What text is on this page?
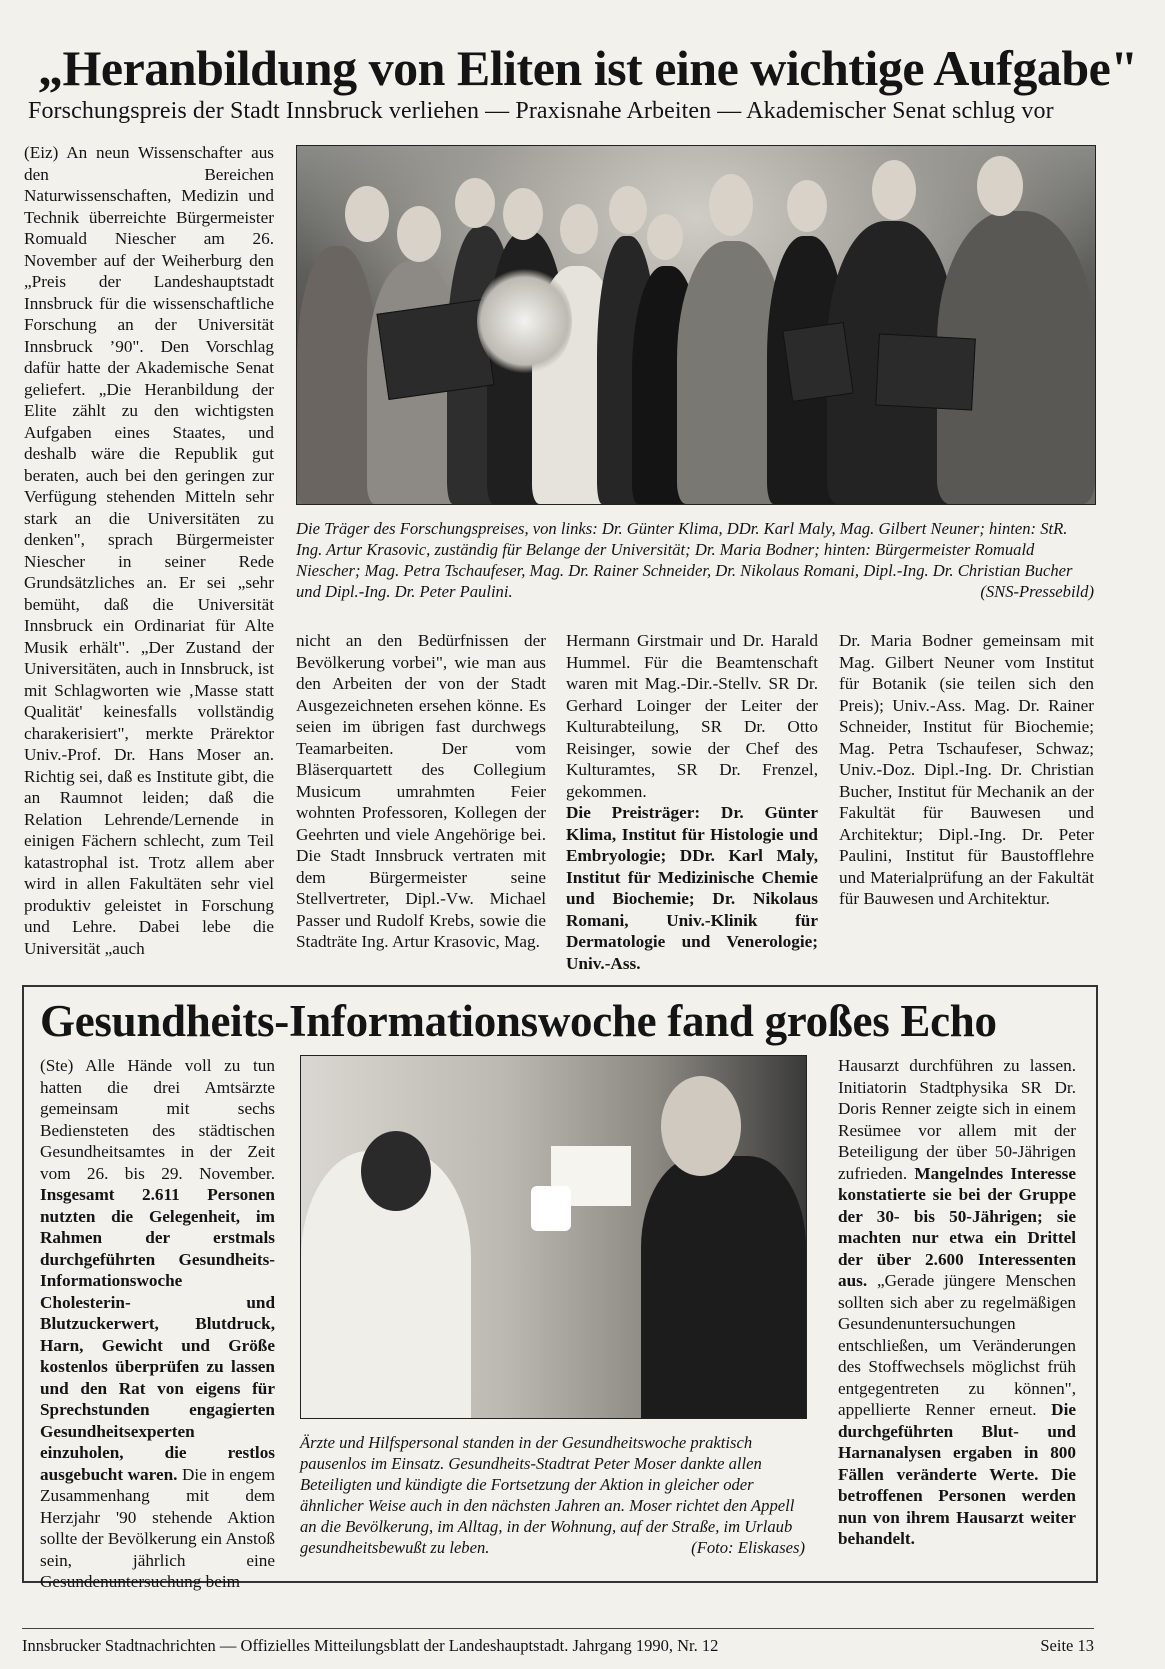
„Heranbildung von Eliten ist eine wichtige Aufgabe"
Forschungspreis der Stadt Innsbruck verliehen — Praxisnahe Arbeiten — Akademischer Senat schlug vor

(Eiz) An neun Wissenschafter aus den Bereichen Naturwissenschaften, Medizin und Technik überreichte Bürgermeister Romuald Niescher am 26. November auf der Weiherburg den „Preis der Landeshauptstadt Innsbruck für die wissenschaftliche Forschung an der Universität Innsbruck ’90". Den Vorschlag dafür hatte der Akademische Senat geliefert. „Die Heranbildung der Elite zählt zu den wichtigsten Aufgaben eines Staates, und deshalb wäre die Republik gut beraten, auch bei den geringen zur Verfügung stehenden Mitteln sehr stark an die Universitäten zu denken", sprach Bürgermeister Niescher in seiner Rede Grundsätzliches an. Er sei „sehr bemüht, daß die Universität Innsbruck ein Ordinariat für Alte Musik erhält". „Der Zustand der Universitäten, auch in Innsbruck, ist mit Schlagworten wie ‚Masse statt Qualität' keinesfalls vollständig charakerisiert", merkte Prärektor Univ.-Prof. Dr. Hans Moser an. Richtig sei, daß es Institute gibt, die an Raumnot leiden; daß die Relation Lehrende/Lernende in einigen Fächern schlecht, zum Teil katastrophal ist. Trotz allem aber wird in allen Fakultäten sehr viel produktiv geleistet in Forschung und Lehre. Dabei lebe die Universität „auch

Die Träger des Forschungspreises, von links: Dr. Günter Klima, DDr. Karl Maly, Mag. Gilbert Neuner; hinten: StR. Ing. Artur Krasovic, zuständig für Belange der Universität; Dr. Maria Bodner; hinten: Bürgermeister Romuald Niescher; Mag. Petra Tschaufeser, Mag. Dr. Rainer Schneider, Dr. Nikolaus Romani, Dipl.-Ing. Dr. Christian Bucher und Dipl.-Ing. Dr. Peter Paulini.	(SNS-Pressebild)

nicht an den Bedürfnissen der Bevölkerung vorbei", wie man aus den Arbeiten der von der Stadt Ausgezeichneten ersehen könne. Es seien im übrigen fast durchwegs Teamarbeiten. Der vom Bläserquartett des Collegium Musicum umrahmten Feier wohnten Professoren, Kollegen der Geehrten und viele Angehörige bei. Die Stadt Innsbruck vertraten mit dem Bürgermeister seine Stellvertreter, Dipl.-Vw. Michael Passer und Rudolf Krebs, sowie die Stadträte Ing. Artur Krasovic, Mag.

Hermann Girstmair und Dr. Harald Hummel. Für die Beamtenschaft waren mit Mag.-Dir.-Stellv. SR Dr. Gerhard Loinger der Leiter der Kulturabteilung, SR Dr. Otto Reisinger, sowie der Chef des Kulturamtes, SR Dr. Frenzel, gekommen.

Die Preisträger: Dr. Günter Klima, Institut für Histologie und Embryologie; DDr. Karl Maly, Institut für Medizinische Chemie und Biochemie; Dr. Nikolaus Romani, Univ.-Klinik für Dermatologie und Venerologie; Univ.-Ass.

Dr. Maria Bodner gemeinsam mit Mag. Gilbert Neuner vom Institut für Botanik (sie teilen sich den Preis); Univ.-Ass. Mag. Dr. Rainer Schneider, Institut für Biochemie; Mag. Petra Tschaufeser, Schwaz; Univ.-Doz. Dipl.-Ing. Dr. Christian Bucher, Institut für Mechanik an der Fakultät für Bauwesen und Architektur; Dipl.-Ing. Dr. Peter Paulini, Institut für Baustofflehre und Materialprüfung an der Fakultät für Bauwesen und Architektur.

Gesundheits-Informationswoche fand großes Echo

(Ste) Alle Hände voll zu tun hatten die drei Amtsärzte gemeinsam mit sechs Bediensteten des städtischen Gesundheitsamtes in der Zeit vom 26. bis 29. November. Insgesamt 2.611 Personen nutzten die Gelegenheit, im Rahmen der erstmals durchgeführten Gesundheits-Informationswoche Cholesterin- und Blutzuckerwert, Blutdruck, Harn, Gewicht und Größe kostenlos überprüfen zu lassen und den Rat von eigens für Sprechstunden engagierten Gesundheitsexperten einzuholen, die restlos ausgebucht waren. Die in engem Zusammenhang mit dem Herzjahr '90 stehende Aktion sollte der Bevölkerung ein Anstoß sein, jährlich eine Gesundenuntersuchung beim

Ärzte und Hilfspersonal standen in der Gesundheitswoche praktisch pausenlos im Einsatz. Gesundheits-Stadtrat Peter Moser dankte allen Beteiligten und kündigte die Fortsetzung der Aktion in gleicher oder ähnlicher Weise auch in den nächsten Jahren an. Moser richtet den Appell an die Bevölkerung, im Alltag, in der Wohnung, auf der Straße, im Urlaub gesundheitsbewußt zu leben.	(Foto: Eliskases)

Hausarzt durchführen zu lassen. Initiatorin Stadtphysika SR Dr. Doris Renner zeigte sich in einem Resümee vor allem mit der Beteiligung der über 50-Jährigen zufrieden. Mangelndes Interesse konstatierte sie bei der Gruppe der 30- bis 50-Jährigen; sie machten nur etwa ein Drittel der über 2.600 Interessenten aus. „Gerade jüngere Menschen sollten sich aber zu regelmäßigen Gesundenuntersuchungen entschließen, um Veränderungen des Stoffwechsels möglichst früh entgegentreten zu können", appellierte Renner erneut. Die durchgeführten Blut- und Harnanalysen ergaben in 800 Fällen veränderte Werte. Die betroffenen Personen werden nun von ihrem Hausarzt weiter behandelt.

Innsbrucker Stadtnachrichten — Offizielles Mitteilungsblatt der Landeshauptstadt. Jahrgang 1990, Nr. 12	Seite 13
